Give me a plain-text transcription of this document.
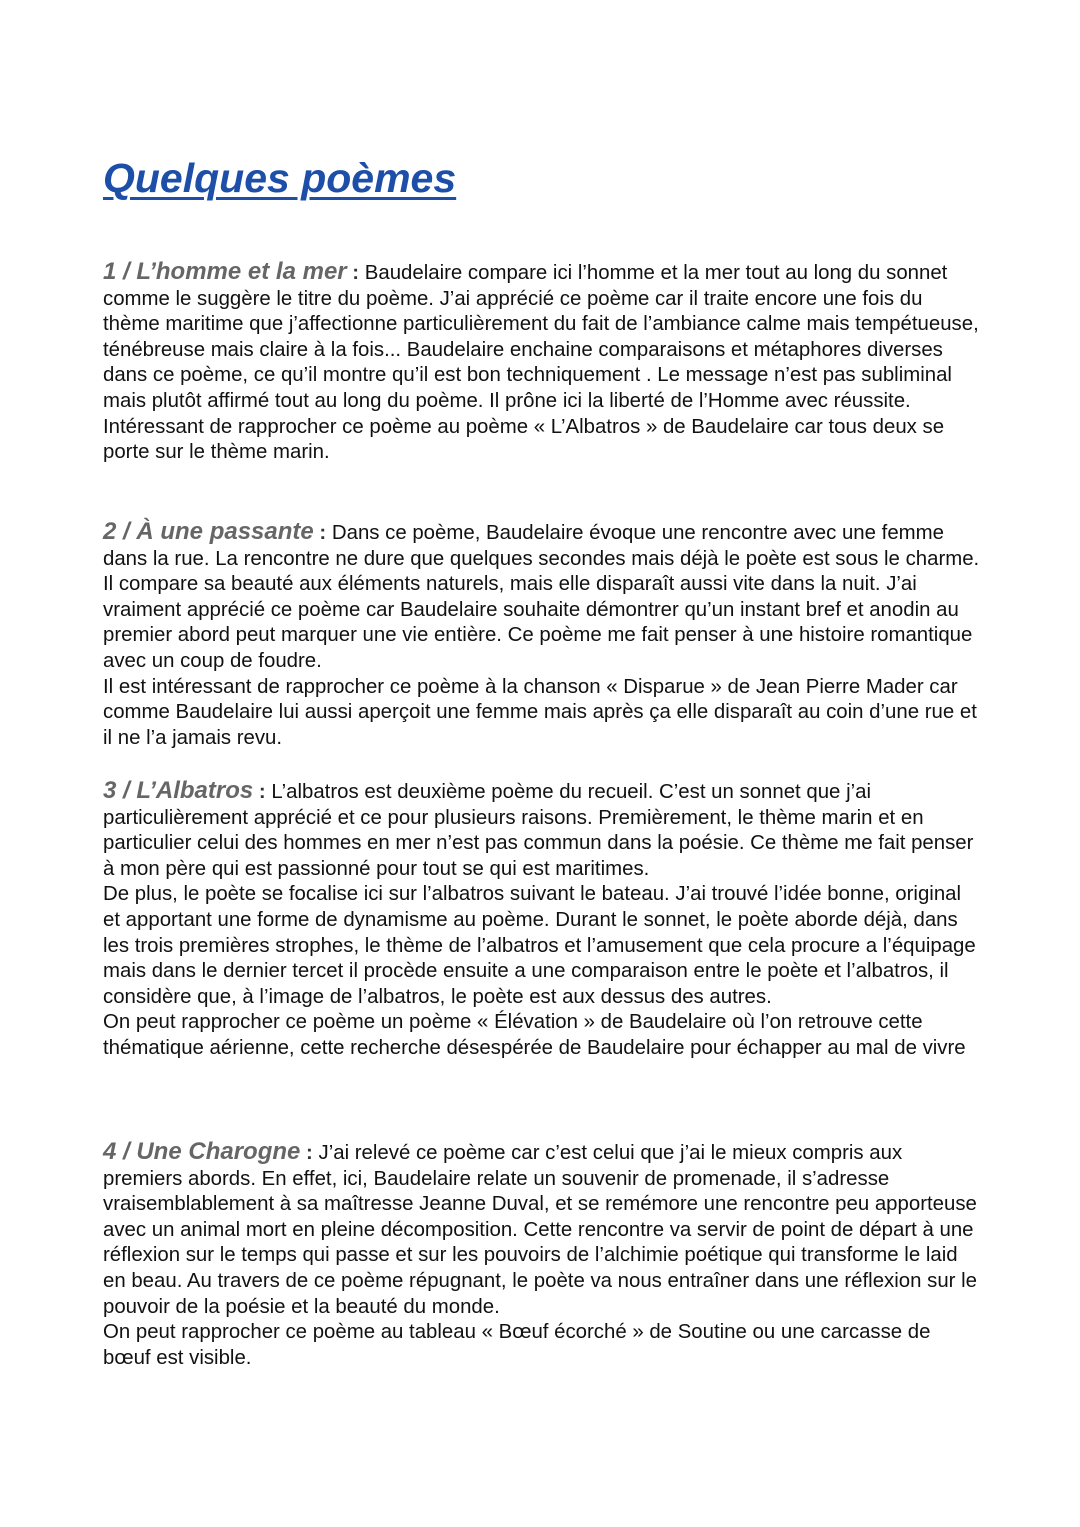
Quelques poèmes

1 / L’homme et la mer : Baudelaire compare ici l’homme et la mer tout au long du sonnet comme le suggère le titre du poème. J’ai apprécié ce poème car il traite encore une fois du thème maritime que j’affectionne particulièrement du fait de l’ambiance calme mais tempétueuse, ténébreuse mais claire à la fois... Baudelaire enchaine comparaisons et métaphores diverses dans ce poème, ce qu’il montre qu’il est bon techniquement . Le message n’est pas subliminal mais plutôt affirmé tout au long du poème. Il prône ici la liberté de l’Homme avec réussite.

Intéressant de rapprocher ce poème au poème « L’Albatros » de Baudelaire car tous deux se porte sur le thème marin.

2 / À une passante : Dans ce poème, Baudelaire évoque une rencontre avec une femme dans la rue. La rencontre ne dure que quelques secondes mais déjà le poète est sous le charme. Il compare sa beauté aux éléments naturels, mais elle disparaît aussi vite dans la nuit. J’ai vraiment apprécié ce poème car Baudelaire souhaite démontrer qu’un instant bref et anodin au premier abord peut marquer une vie entière. Ce poème me fait penser à une histoire romantique avec un coup de foudre.

Il est intéressant de rapprocher ce poème à la chanson « Disparue » de Jean Pierre Mader car comme Baudelaire lui aussi aperçoit une femme mais après ça elle disparaît au coin d’une rue et il ne l’a jamais revu.

3 / L’Albatros : L’albatros est deuxième poème du recueil. C’est un sonnet que j’ai particulièrement apprécié et ce pour plusieurs raisons. Premièrement, le thème marin et en particulier celui des hommes en mer n’est pas commun dans la poésie. Ce thème me fait penser à mon père qui est passionné pour tout se qui est maritimes.

De plus, le poète se focalise ici sur l’albatros suivant le bateau. J’ai trouvé l’idée bonne, original et apportant une forme de dynamisme au poème. Durant le sonnet, le poète aborde déjà, dans les trois premières strophes, le thème de l’albatros et l’amusement que cela procure a l’équipage mais dans le dernier tercet il procède ensuite a une comparaison entre le poète et l’albatros, il considère que, à l’image de l’albatros, le poète est aux dessus des autres.

On peut rapprocher ce poème un poème « Élévation » de Baudelaire où l’on retrouve cette thématique aérienne, cette recherche désespérée de Baudelaire pour échapper au mal de vivre

4 / Une Charogne : J’ai relevé ce poème car c’est celui que j’ai le mieux compris aux premiers abords. En effet, ici, Baudelaire relate un souvenir de promenade, il s’adresse vraisemblablement à sa maîtresse Jeanne Duval, et se remémore une rencontre peu apporteuse avec un animal mort en pleine décomposition. Cette rencontre va servir de point de départ à une réflexion sur le temps qui passe et sur les pouvoirs de l’alchimie poétique qui transforme le laid en beau. Au travers de ce poème répugnant, le poète va nous entraîner dans une réflexion sur le pouvoir de la poésie et la beauté du monde.

On peut rapprocher ce poème au tableau « Bœuf écorché » de Soutine ou une carcasse de bœuf est visible.
